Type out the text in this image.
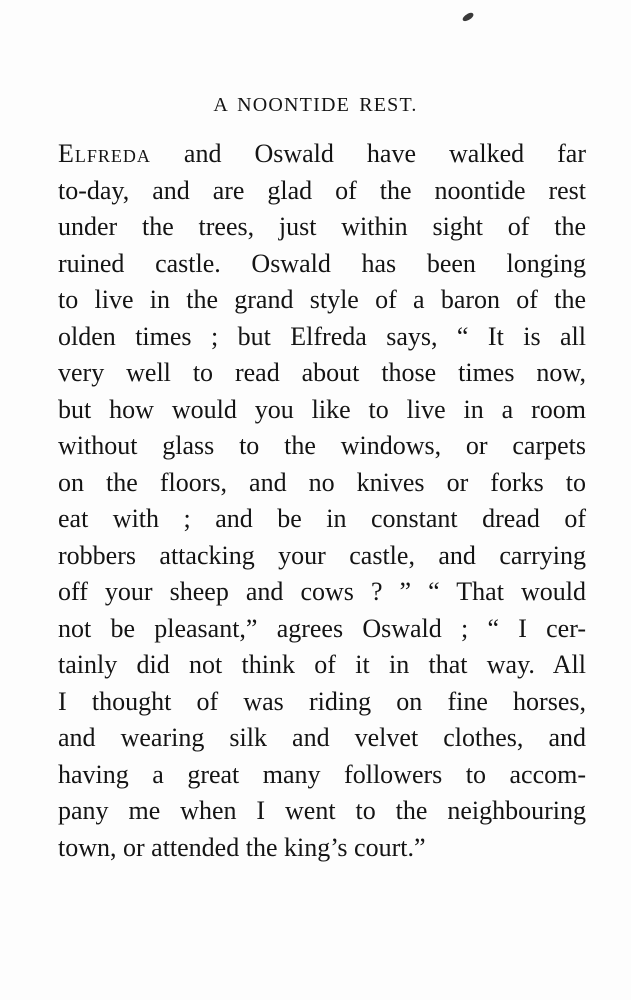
A NOONTIDE REST.
Elfreda and Oswald have walked far
to-day, and are glad of the noontide rest
under the trees, just within sight of the
ruined castle. Oswald has been longing
to live in the grand style of a baron of the
olden times ; but Elfreda says, “ It is all
very well to read about those times now,
but how would you like to live in a room
without glass to the windows, or carpets
on the floors, and no knives or forks to
eat with ; and be in constant dread of
robbers attacking your castle, and carrying
off your sheep and cows ? ” “ That would
not be pleasant,” agrees Oswald ; “ I cer-
tainly did not think of it in that way. All
I thought of was riding on fine horses,
and wearing silk and velvet clothes, and
having a great many followers to accom-
pany me when I went to the neighbouring
town, or attended the king’s court.”
